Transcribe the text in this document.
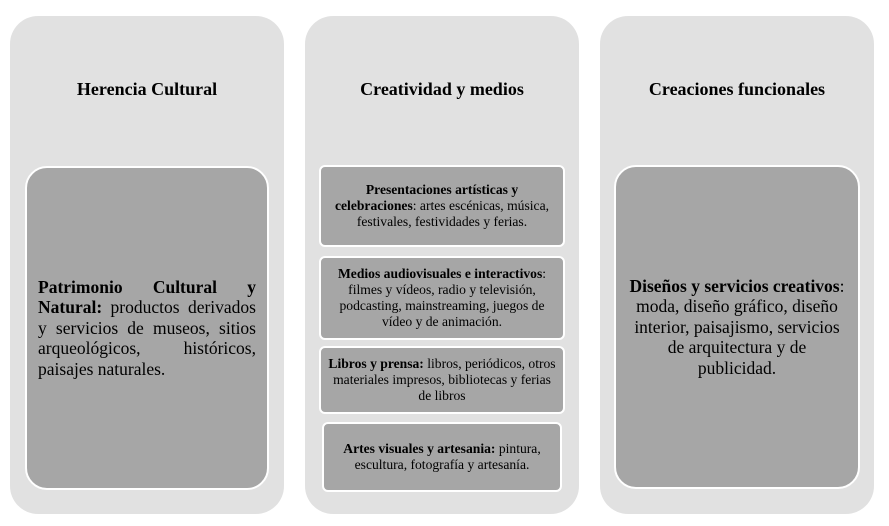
Herencia Cultural
Patrimonio Cultural y Natural: productos derivados y servicios de museos, sitios arqueológicos, históricos, paisajes naturales.
Creatividad y medios
Presentaciones artísticas y celebraciones: artes escénicas, música, festivales, festividades y ferias.
Medios audiovisuales e interactivos: filmes y vídeos, radio y televisión, podcasting, mainstreaming, juegos de vídeo y de animación.
Libros y prensa: libros, periódicos, otros materiales impresos, bibliotecas y ferias de libros
Artes visuales y artesania: pintura, escultura, fotografía y artesanía.
Creaciones funcionales
Diseños y servicios creativos: moda, diseño gráfico, diseño interior, paisajismo, servicios de arquitectura y de publicidad.
